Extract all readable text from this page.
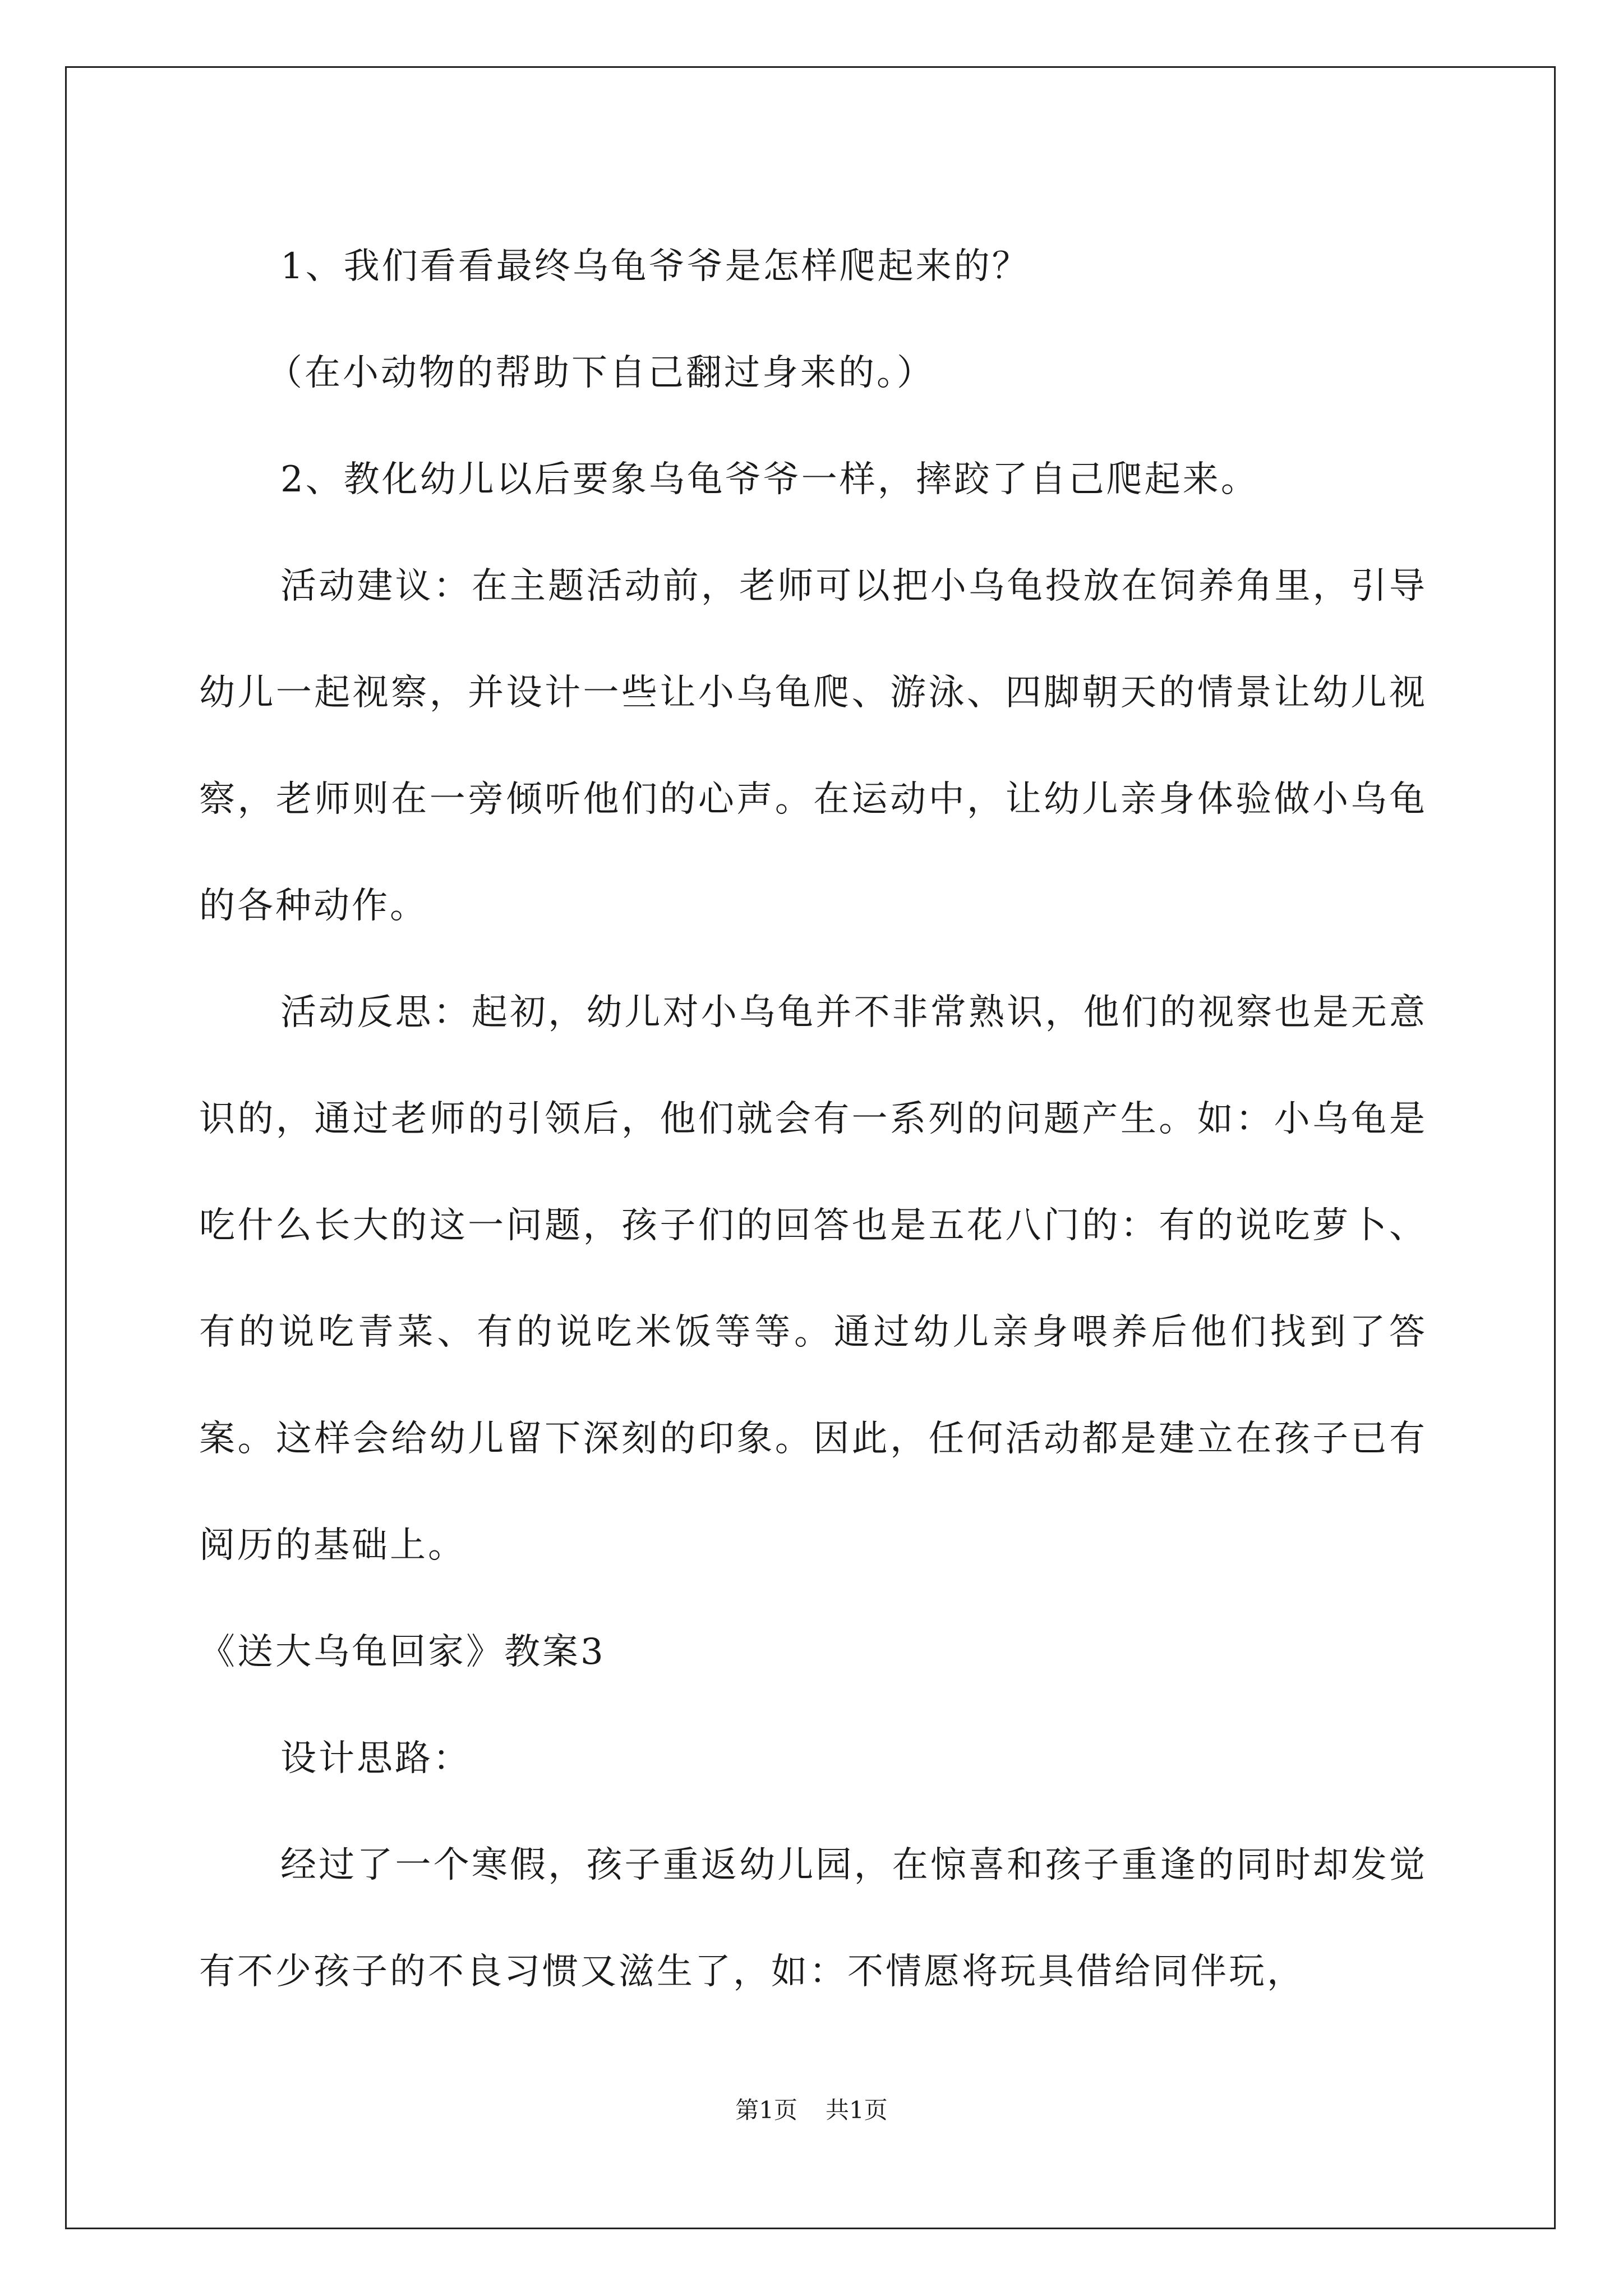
1、我们看看最终乌龟爷爷是怎样爬起来的？

（在小动物的帮助下自己翻过身来的。）

2、教化幼儿以后要象乌龟爷爷一样，摔跤了自己爬起来。

活动建议：在主题活动前，老师可以把小乌龟投放在饲养角里，引导幼儿一起视察，并设计一些让小乌龟爬、游泳、四脚朝天的情景让幼儿视察，老师则在一旁倾听他们的心声。在运动中，让幼儿亲身体验做小乌龟的各种动作。

活动反思：起初，幼儿对小乌龟并不非常熟识，他们的视察也是无意识的，通过老师的引领后，他们就会有一系列的问题产生。如：小乌龟是吃什么长大的这一问题，孩子们的回答也是五花八门的：有的说吃萝卜、有的说吃青菜、有的说吃米饭等等。通过幼儿亲身喂养后他们找到了答案。这样会给幼儿留下深刻的印象。因此，任何活动都是建立在孩子已有阅历的基础上。

《送大乌龟回家》教案3

设计思路：

经过了一个寒假，孩子重返幼儿园，在惊喜和孩子重逢的同时却发觉有不少孩子的不良习惯又滋生了，如：不情愿将玩具借给同伴玩，

第1页 共1页
